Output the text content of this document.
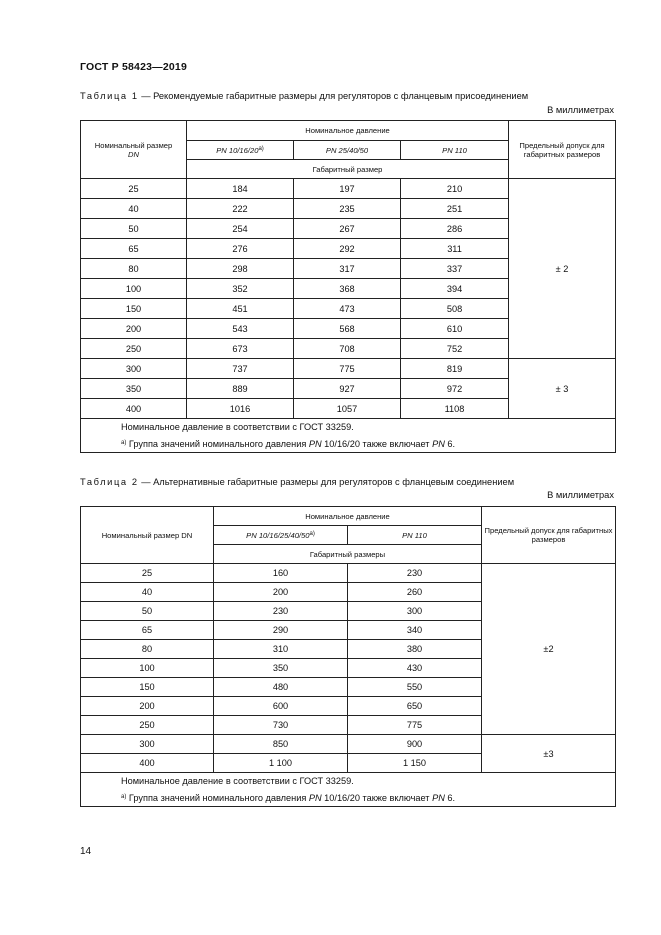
ГОСТ Р 58423—2019
Таблица 1 — Рекомендуемые габаритные размеры для регуляторов с фланцевым присоединением
В миллиметрах
Номинальный размер
DN	Номинальное давление			Предельный допуск для габаритных размеров
	PN 10/16/20$^{a)}$	PN 25/40/50	PN 110	
	Габаритный размер			
25	184	197	210	± 2
40	222	235	251	
50	254	267	286	
65	276	292	311	
80	298	317	337	
100	352	368	394	
150	451	473	508	
200	543	568	610	
250	673	708	752	
300	737	775	819	± 3
350	889	927	972	
400	1016	1057	1108	
Номинальное давление в соответствии с ГОСТ 33259.
$^{a)}$ Группа значений номинального давления PN 10/16/20 также включает PN 6.				
Таблица 2 — Альтернативные габаритные размеры для регуляторов с фланцевым соединением
В миллиметрах
Номинальный размер DN	Номинальное давление		Предельный допуск для габаритных размеров
	PN 10/16/25/40/50$^{a)}$	PN 110	
	Габаритный размеры		
25	160	230	±2
40	200	260	
50	230	300	
65	290	340	
80	310	380	
100	350	430	
150	480	550	
200	600	650	
250	730	775	
300	850	900	±3
400	1 100	1 150	
Номинальное давление в соответствии с ГОСТ 33259.
$^{a)}$ Группа значений номинального давления PN 10/16/20 также включает PN 6.			
14
